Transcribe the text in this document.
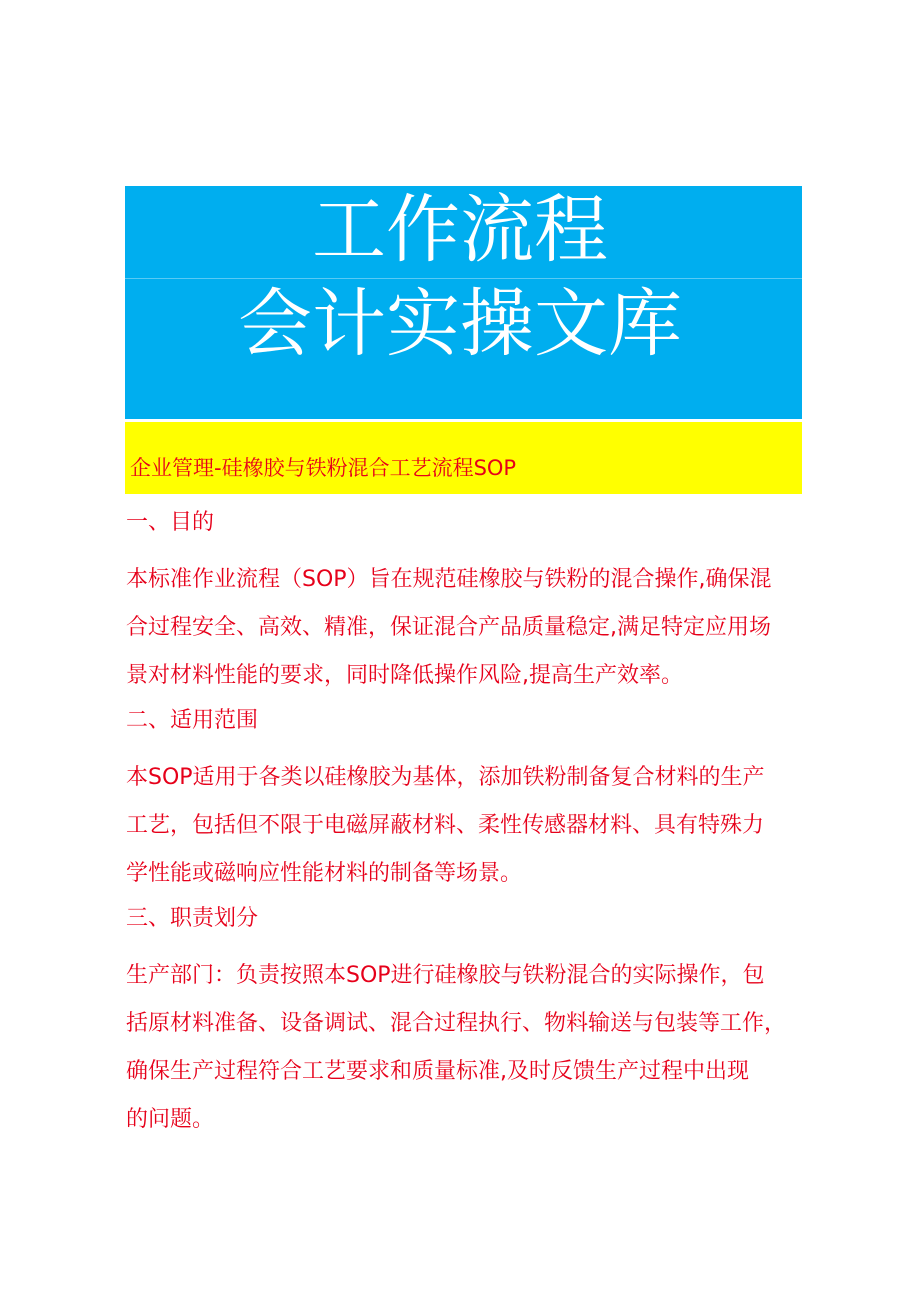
工作流程
会计实操文库
企业管理-硅橡胶与铁粉混合工艺流程SOP
一、目的
本标准作业流程（SOP）旨在规范硅橡胶与铁粉的混合操作,确保混
合过程安全、高效、精准，保证混合产品质量稳定,满足特定应用场
景对材料性能的要求，同时降低操作风险,提高生产效率。
二、适用范围
本SOP适用于各类以硅橡胶为基体，添加铁粉制备复合材料的生产
工艺，包括但不限于电磁屏蔽材料、柔性传感器材料、具有特殊力
学性能或磁响应性能材料的制备等场景。
三、职责划分
生产部门：负责按照本SOP进行硅橡胶与铁粉混合的实际操作，包
括原材料准备、设备调试、混合过程执行、物料输送与包装等工作，
确保生产过程符合工艺要求和质量标准,及时反馈生产过程中出现
的问题。
